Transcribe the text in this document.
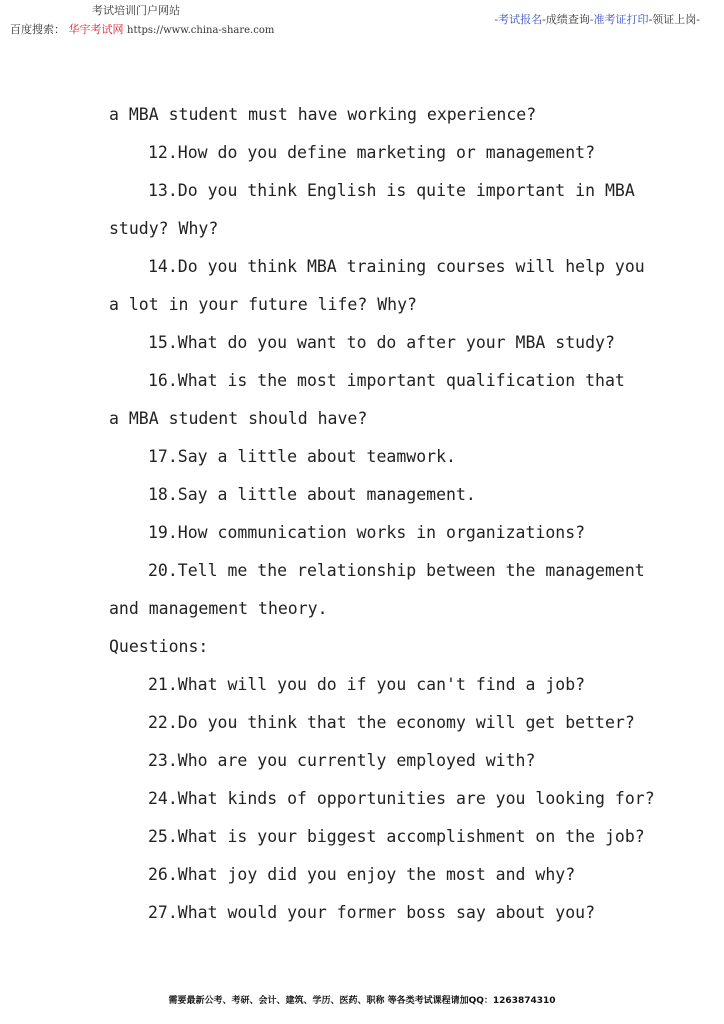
考试培训门户网站
百度搜索： 华宇考试网 https://www.china-share.com
-考试报名-成绩查询-准考证打印-领证上岗-
a MBA student must have working experience?
12.How do you define marketing or management?
13.Do you think English is quite important in MBA
study? Why?
14.Do you think MBA training courses will help you
a lot in your future life? Why?
15.What do you want to do after your MBA study?
16.What is the most important qualification that
a MBA student should have?
17.Say a little about teamwork.
18.Say a little about management.
19.How communication works in organizations?
20.Tell me the relationship between the management
and management theory.
Questions:
21.What will you do if you can't find a job?
22.Do you think that the economy will get better?
23.Who are you currently employed with?
24.What kinds of opportunities are you looking for?
25.What is your biggest accomplishment on the job?
26.What joy did you enjoy the most and why?
27.What would your former boss say about you?
需要最新公考、考研、会计、建筑、学历、医药、职称 等各类考试课程请加QQ：1263874310
